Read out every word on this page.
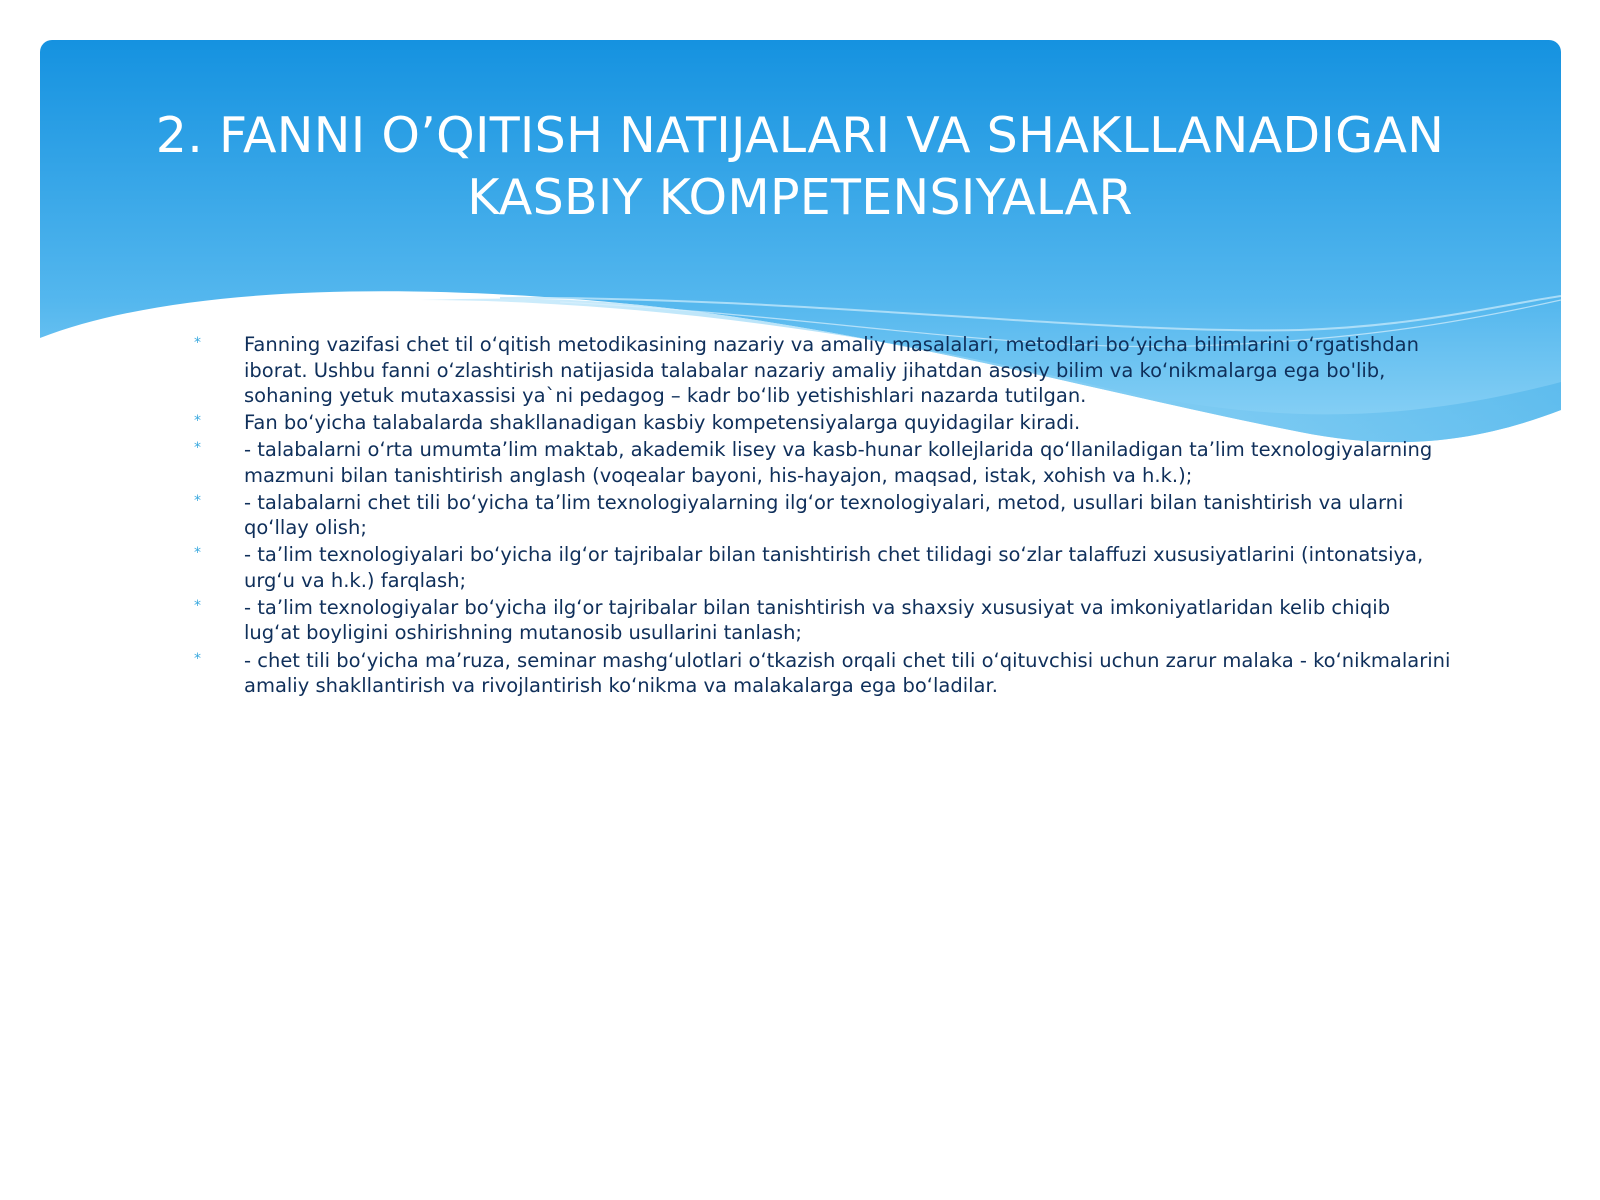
2. FANNI O’QITISH NATIJALARI VA SHAKLLANADIGAN
KASBIY KOMPETENSIYALAR
* Fanning vazifasi chet til o‘qitish metodikasining nazariy va amaliy masalalari, metodlari bo‘yicha bilimlarini o‘rgatishdan iborat. Ushbu fanni o‘zlashtirish natijasida talabalar nazariy amaliy jihatdan asosiy bilim va ko‘nikmalarga ega bo'lib, sohaning yetuk mutaxassisi ya`ni pedagog – kadr bo‘lib yetishishlari nazarda tutilgan.
* Fan bo‘yicha talabalarda shakllanadigan kasbiy kompetensiyalarga quyidagilar kiradi.
* - talabalarni o‘rta umumta’lim maktab, akademik lisey va kasb-hunar kollejlarida qo‘llaniladigan ta’lim texnologiyalarning mazmuni bilan tanishtirish anglash (voqealar bayoni, his-hayajon, maqsad, istak, xohish va h.k.);
* - talabalarni chet tili bo‘yicha ta’lim texnologiyalarning ilg‘or texnologiyalari, metod, usullari bilan tanishtirish va ularni qo‘llay olish;
* - ta’lim texnologiyalari bo‘yicha ilg‘or tajribalar bilan tanishtirish chet tilidagi so‘zlar talaffuzi xususiyatlarini (intonatsiya, urg‘u va h.k.) farqlash;
* - ta’lim texnologiyalar bo‘yicha ilg‘or tajribalar bilan tanishtirish va shaxsiy xususiyat va imkoniyatlaridan kelib chiqib lug‘at boyligini oshirishning mutanosib usullarini tanlash;
* - chet tili bo‘yicha ma’ruza, seminar mashg‘ulotlari o‘tkazish orqali chet tili o‘qituvchisi uchun zarur malaka - ko‘nikmalarini amaliy shakllantirish va rivojlantirish ko‘nikma va malakalarga ega bo‘ladilar.
